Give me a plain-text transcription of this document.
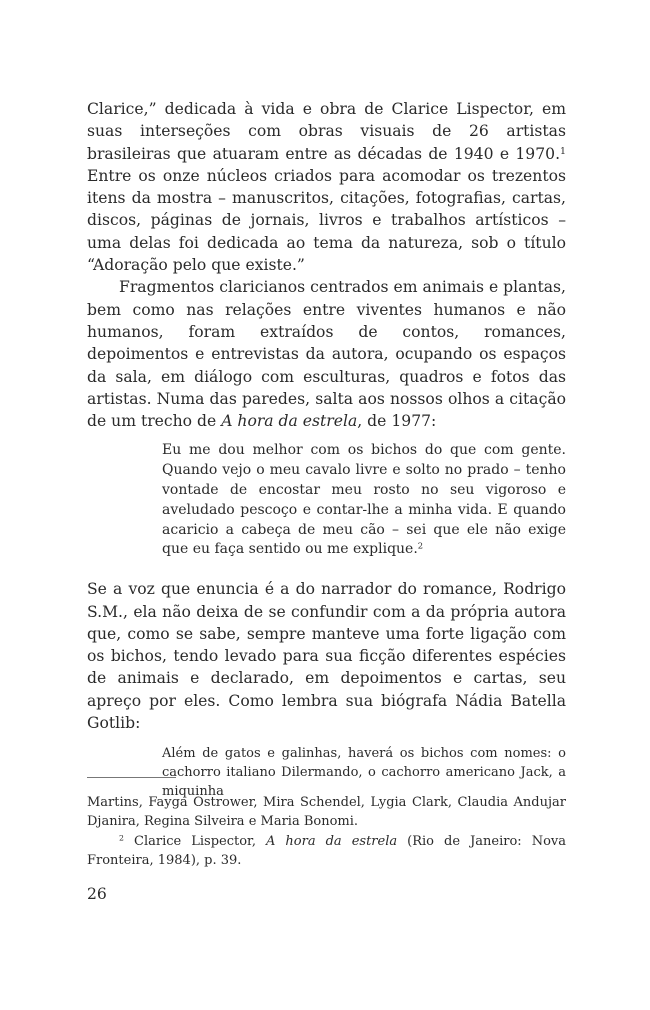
Clarice,” dedicada à vida e obra de Clarice Lispector, em suas interseções com obras visuais de 26 artistas brasileiras que atuaram entre as décadas de 1940 e 1970.$^1$ Entre os onze núcleos criados para acomodar os trezentos itens da mostra – manuscritos, citações, fotografias, cartas, discos, páginas de jornais, livros e trabalhos artísticos – uma delas foi dedicada ao tema da natureza, sob o título “Adoração pelo que existe.”

Fragmentos claricianos centrados em animais e plantas, bem como nas relações entre viventes humanos e não humanos, foram extraídos de contos, romances, depoimentos e entrevistas da autora, ocupando os espaços da sala, em diálogo com esculturas, quadros e fotos das artistas. Numa das paredes, salta aos nossos olhos a citação de um trecho de A hora da estrela, de 1977:

Eu me dou melhor com os bichos do que com gente. Quando vejo o meu cavalo livre e solto no prado – tenho vontade de encostar meu rosto no seu vigoroso e aveludado pescoço e contar-lhe a minha vida. E quando acaricio a cabeça de meu cão – sei que ele não exige que eu faça sentido ou me explique.$^2$

Se a voz que enuncia é a do narrador do romance, Rodrigo S.M., ela não deixa de se confundir com a da própria autora que, como se sabe, sempre manteve uma forte ligação com os bichos, tendo levado para sua ficção diferentes espécies de animais e declarado, em depoimentos e cartas, seu apreço por eles. Como lembra sua biógrafa Nádia Batella Gotlib:

Além de gatos e galinhas, haverá os bichos com nomes: o cachorro italiano Dilermando, o cachorro americano Jack, a miquinha

Martins, Fayga Ostrower, Mira Schendel, Lygia Clark, Claudia Andujar Djanira, Regina Silveira e Maria Bonomi.

$^2$ Clarice Lispector, A hora da estrela (Rio de Janeiro: Nova Fronteira, 1984), p. 39.

26
